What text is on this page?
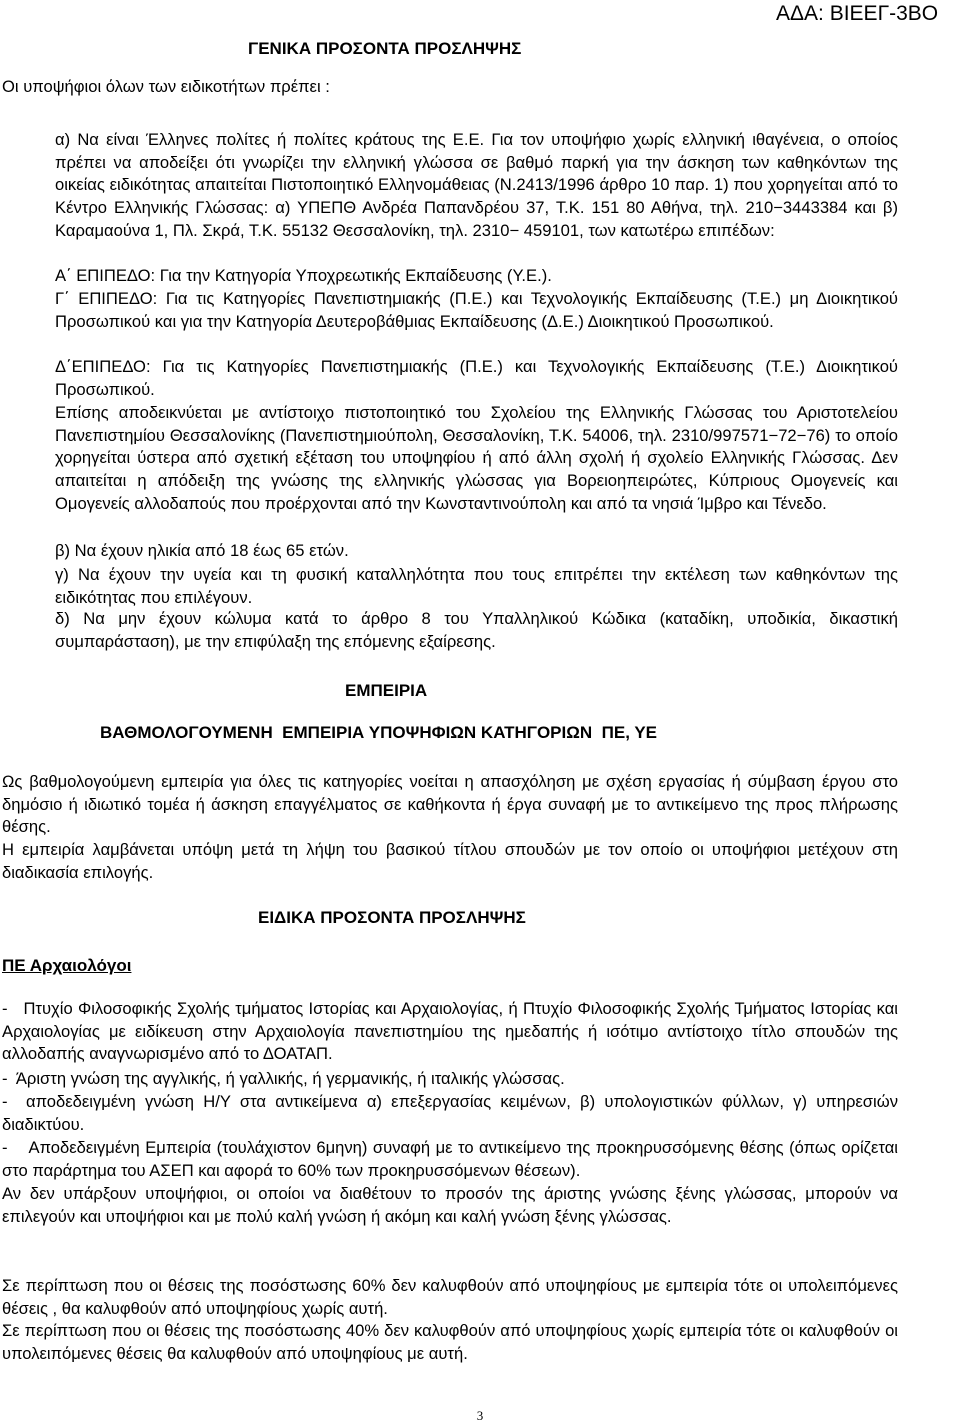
ΑΔΑ: ΒΙΕΕΓ-3ΒΟ
ΓΕΝΙΚΑ ΠΡΟΣΟΝΤΑ ΠΡΟΣΛΗΨΗΣ
Οι υποψήφιοι όλων των ειδικοτήτων πρέπει :

α) Να είναι Έλληνες πολίτες ή πολίτες κράτους της Ε.Ε. Για τον υποψήφιο χωρίς ελληνική ιθαγένεια, ο οποίος πρέπει να αποδείξει ότι γνωρίζει την ελληνική γλώσσα σε βαθμό παρκή για την άσκηση των καθηκόντων της οικείας ειδικότητας απαιτείται Πιστοποιητικό Ελληνομάθειας (Ν.2413/1996 άρθρο 10 παρ. 1) που χορηγείται από το Κέντρο Ελληνικής Γλώσσας: α) ΥΠΕΠΘ Ανδρέα Παπανδρέου 37, Τ.Κ. 151 80 Αθήνα, τηλ. 210−3443384 και β) Καραμαούνα 1, Πλ. Σκρά, Τ.Κ. 55132 Θεσσαλονίκη, τηλ. 2310− 459101, των κατωτέρω επιπέδων:

Α΄ ΕΠΙΠΕΔΟ: Για την Κατηγορία Υποχρεωτικής Εκπαίδευσης (Υ.Ε.).

Γ΄ ΕΠΙΠΕΔΟ: Για τις Κατηγορίες Πανεπιστημιακής (Π.Ε.) και Τεχνολογικής Εκπαίδευσης (Τ.Ε.) μη Διοικητικού Προσωπικού και για την Κατηγορία Δευτεροβάθμιας Εκπαίδευσης (Δ.Ε.) Διοικητικού Προσωπικού.

Δ΄ΕΠΙΠΕΔΟ: Για τις Κατηγορίες Πανεπιστημιακής (Π.Ε.) και Τεχνολογικής Εκπαίδευσης (Τ.Ε.) Διοικητικού Προσωπικού.

Επίσης αποδεικνύεται με αντίστοιχο πιστοποιητικό του Σχολείου της Ελληνικής Γλώσσας του Αριστοτελείου Πανεπιστημίου Θεσσαλονίκης (Πανεπιστημιούπολη, Θεσσαλονίκη, Τ.Κ. 54006, τηλ. 2310/997571−72−76) το οποίο χορηγείται ύστερα από σχετική εξέταση του υποψηφίου ή από άλλη σχολή ή σχολείο Ελληνικής Γλώσσας. Δεν απαιτείται η απόδειξη της γνώσης της ελληνικής γλώσσας για Βορειοηπειρώτες, Κύπριους Ομογενείς και Ομογενείς αλλοδαπούς που προέρχονται από την Κωνσταντινούπολη και από τα νησιά Ίμβρο και Τένεδο.

β) Να έχουν ηλικία από 18 έως 65 ετών.

γ) Να έχουν την υγεία και τη φυσική καταλληλότητα που τους επιτρέπει την εκτέλεση των καθηκόντων της ειδικότητας που επιλέγουν.

δ) Να μην έχουν κώλυμα κατά το άρθρο 8 του Υπαλληλικού Κώδικα (καταδίκη, υποδικία, δικαστική συμπαράσταση), με την επιφύλαξη της επόμενης εξαίρεσης.

ΕΜΠΕΙΡΙΑ
ΒΑΘΜΟΛΟΓΟΥΜΕΝΗ  ΕΜΠΕΙΡΙΑ ΥΠΟΨΗΦΙΩΝ ΚΑΤΗΓΟΡΙΩΝ  ΠΕ, ΥΕ

Ως βαθμολογούμενη εμπειρία για όλες τις κατηγορίες νοείται η απασχόληση με σχέση εργασίας ή σύμβαση έργου στο δημόσιο ή ιδιωτικό τομέα ή άσκηση επαγγέλματος σε καθήκοντα ή έργα συναφή με το αντικείμενο της προς πλήρωσης θέσης.

Η εμπειρία λαμβάνεται υπόψη μετά τη λήψη του βασικού τίτλου σπουδών με τον οποίο οι υποψήφιοι μετέχουν στη διαδικασία επιλογής.

ΕΙΔΙΚΑ ΠΡΟΣΟΝΤΑ ΠΡΟΣΛΗΨΗΣ
ΠΕ Αρχαιολόγοι

-   Πτυχίο Φιλοσοφικής Σχολής τμήματος Ιστορίας και Αρχαιολογίας, ή Πτυχίο Φιλοσοφικής Σχολής Τμήματος Ιστορίας και Αρχαιολογίας με ειδίκευση στην Αρχαιολογία πανεπιστημίου της ημεδαπής ή ισότιμο αντίστοιχο τίτλο σπουδών της αλλοδαπής αναγνωρισμένο από το ΔΟΑΤΑΠ.

-  Άριστη γνώση της αγγλικής, ή γαλλικής, ή γερμανικής, ή ιταλικής γλώσσας.

-  αποδεδειγμένη γνώση Η/Υ στα αντικείμενα α) επεξεργασίας κειμένων, β) υπολογιστικών φύλλων, γ) υπηρεσιών διαδικτύου.

-    Αποδεδειγμένη Εμπειρία (τουλάχιστον 6μηνη) συναφή με το αντικείμενο της προκηρυσσόμενης θέσης (όπως ορίζεται στο παράρτημα του ΑΣΕΠ και αφορά το 60% των προκηρυσσόμενων θέσεων).

Αν δεν υπάρξουν υποψήφιοι, οι οποίοι να διαθέτουν το προσόν της άριστης γνώσης ξένης γλώσσας, μπορούν να επιλεγούν και υποψήφιοι και με πολύ καλή γνώση ή ακόμη και καλή γνώση ξένης γλώσσας.

Σε περίπτωση που οι θέσεις της ποσόστωσης 60% δεν καλυφθούν από υποψηφίους με εμπειρία τότε οι υπολειπόμενες θέσεις , θα καλυφθούν από υποψηφίους χωρίς αυτή.

Σε περίπτωση που οι θέσεις της ποσόστωσης 40% δεν καλυφθούν από υποψηφίους χωρίς εμπειρία τότε οι καλυφθούν οι υπολειπόμενες θέσεις θα καλυφθούν από υποψηφίους με αυτή.

3
